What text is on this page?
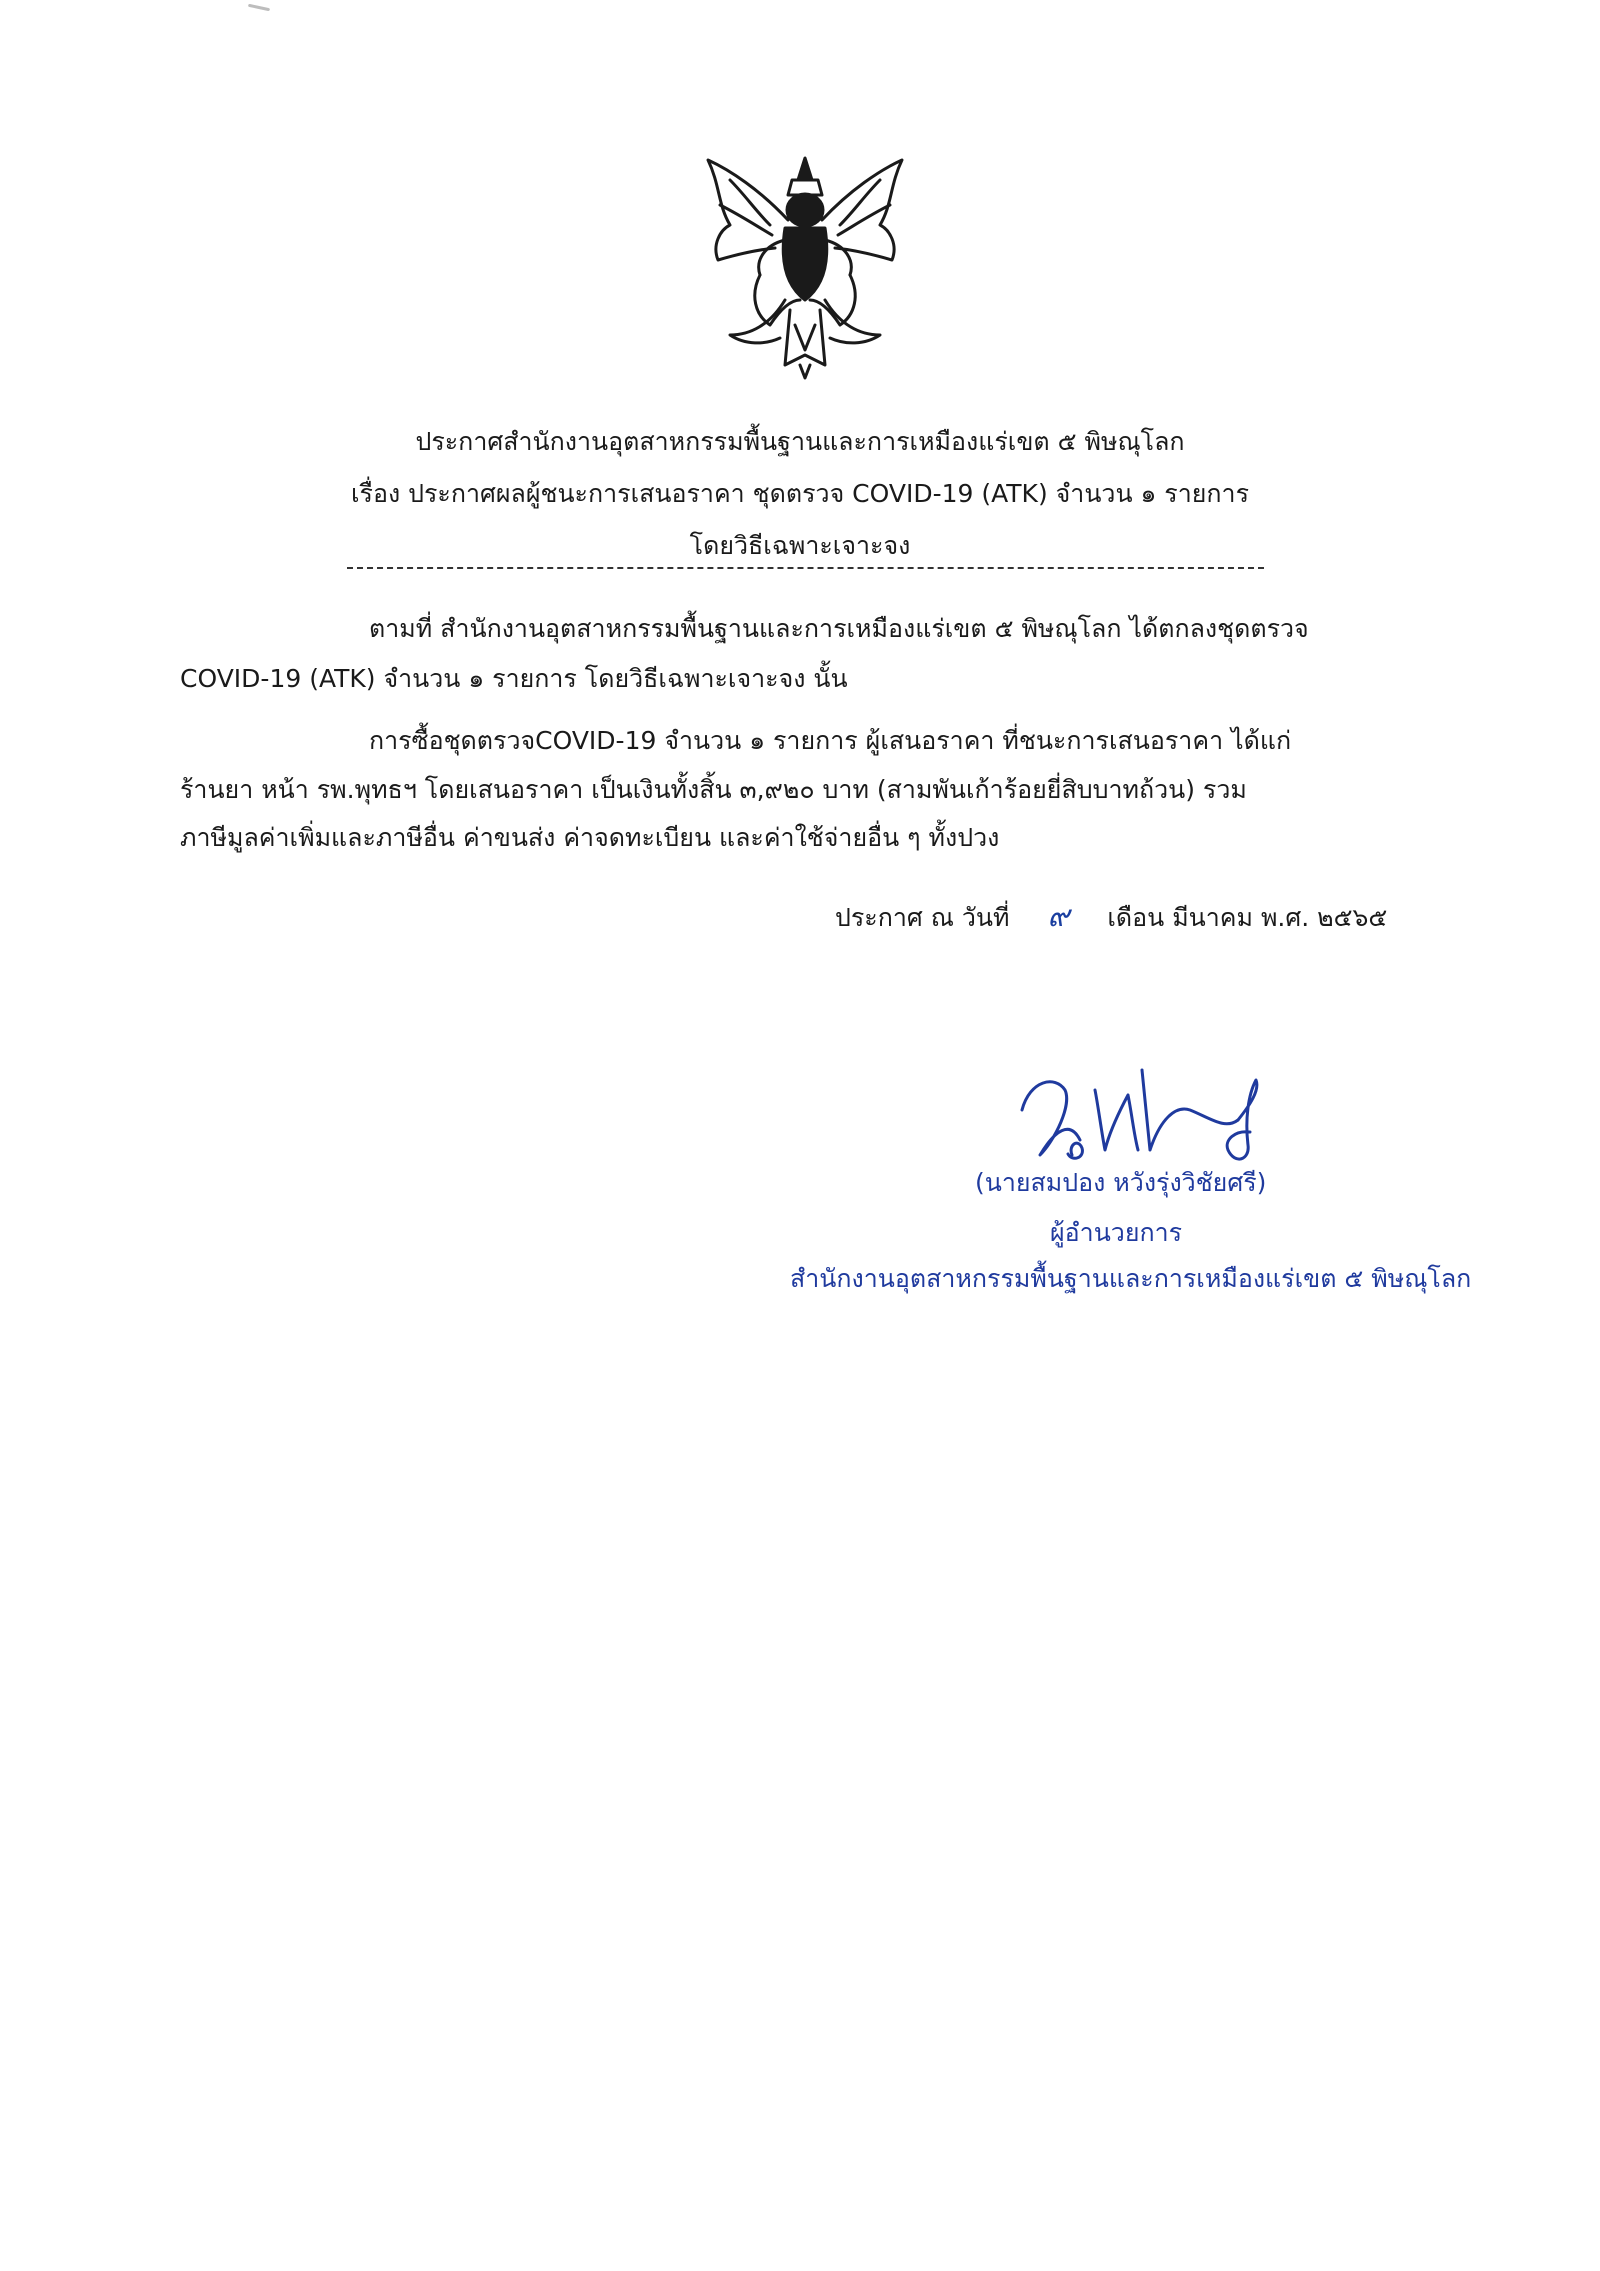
ประกาศสำนักงานอุตสาหกรรมพื้นฐานและการเหมืองแร่เขต ๕ พิษณุโลก
เรื่อง ประกาศผลผู้ชนะการเสนอราคา ชุดตรวจ COVID-19 (ATK) จำนวน ๑ รายการ
โดยวิธีเฉพาะเจาะจง
ตามที่ สำนักงานอุตสาหกรรมพื้นฐานและการเหมืองแร่เขต ๕ พิษณุโลก ได้ตกลงชุดตรวจ
COVID-19 (ATK) จำนวน ๑ รายการ โดยวิธีเฉพาะเจาะจง นั้น
การซื้อชุดตรวจCOVID-19 จำนวน ๑ รายการ ผู้เสนอราคา ที่ชนะการเสนอราคา ได้แก่
ร้านยา หน้า รพ.พุทธฯ โดยเสนอราคา เป็นเงินทั้งสิ้น ๓,๙๒๐ บาท (สามพันเก้าร้อยยี่สิบบาทถ้วน) รวม
ภาษีมูลค่าเพิ่มและภาษีอื่น ค่าขนส่ง ค่าจดทะเบียน และค่าใช้จ่ายอื่น ๆ ทั้งปวง
ประกาศ ณ วันที่ ๙ เดือน มีนาคม พ.ศ. ๒๕๖๕
(นายสมปอง หวังรุ่งวิชัยศรี)
ผู้อำนวยการ
สำนักงานอุตสาหกรรมพื้นฐานและการเหมืองแร่เขต ๕ พิษณุโลก
